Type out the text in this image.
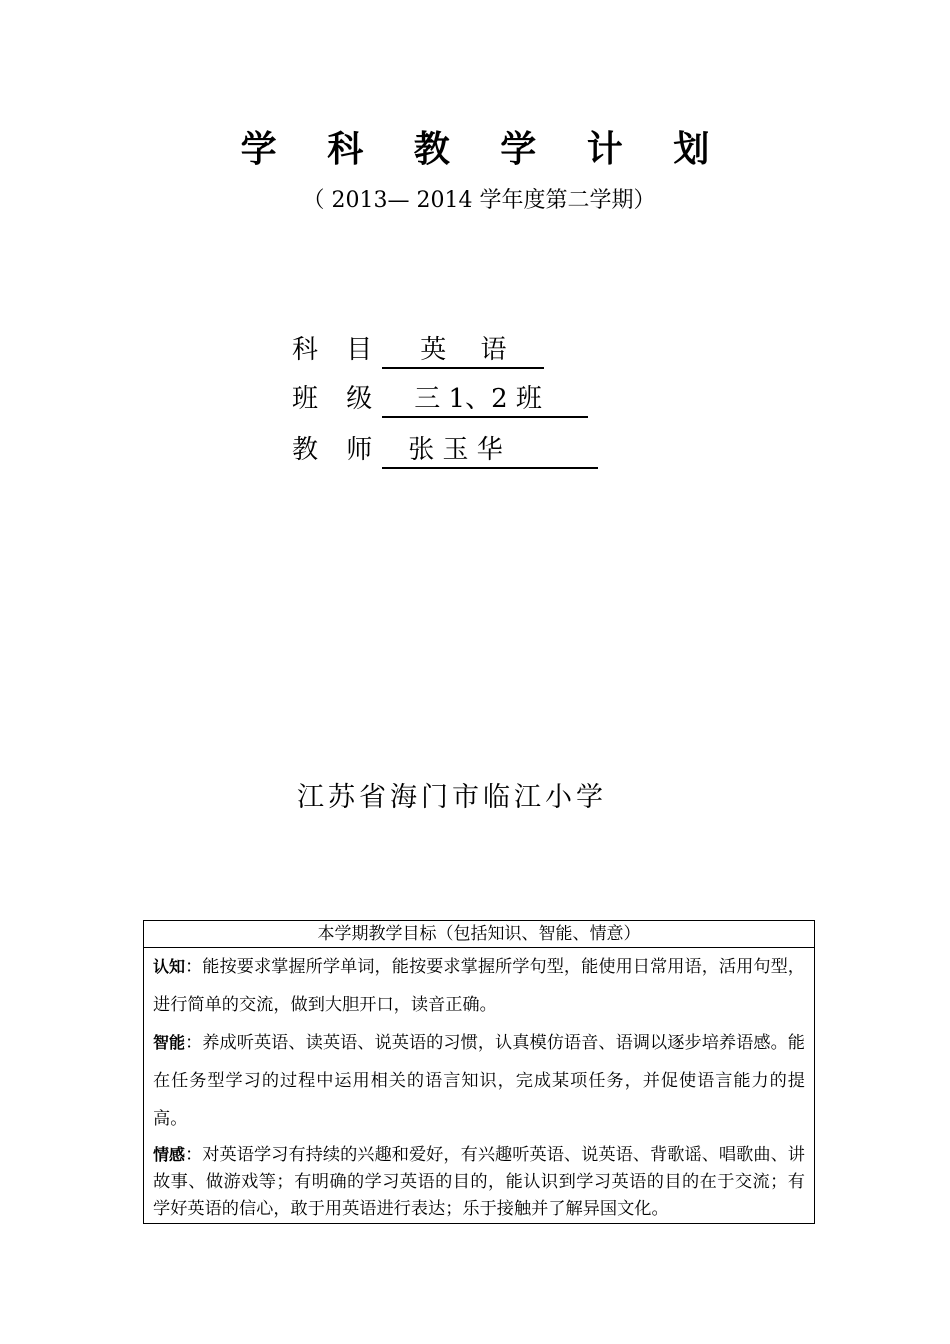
学 科 教 学 计 划
（ 2013— 2014 学年度第二学期）
科 目 英　 语
班 级 三 1、2 班
教 师 张 玉 华
江苏省海门市临江小学
本学期教学目标（包括知识、智能、情意）

认知：能按要求掌握所学单词，能按要求掌握所学句型，能使用日常用语，活用句型，进行简单的交流，做到大胆开口，读音正确。

智能：养成听英语、读英语、说英语的习惯，认真模仿语音、语调以逐步培养语感。能在任务型学习的过程中运用相关的语言知识，完成某项任务，并促使语言能力的提高。

情感：对英语学习有持续的兴趣和爱好，有兴趣听英语、说英语、背歌谣、唱歌曲、讲故事、做游戏等；有明确的学习英语的目的，能认识到学习英语的目的在于交流；有学好英语的信心，敢于用英语进行表达；乐于接触并了解异国文化。
